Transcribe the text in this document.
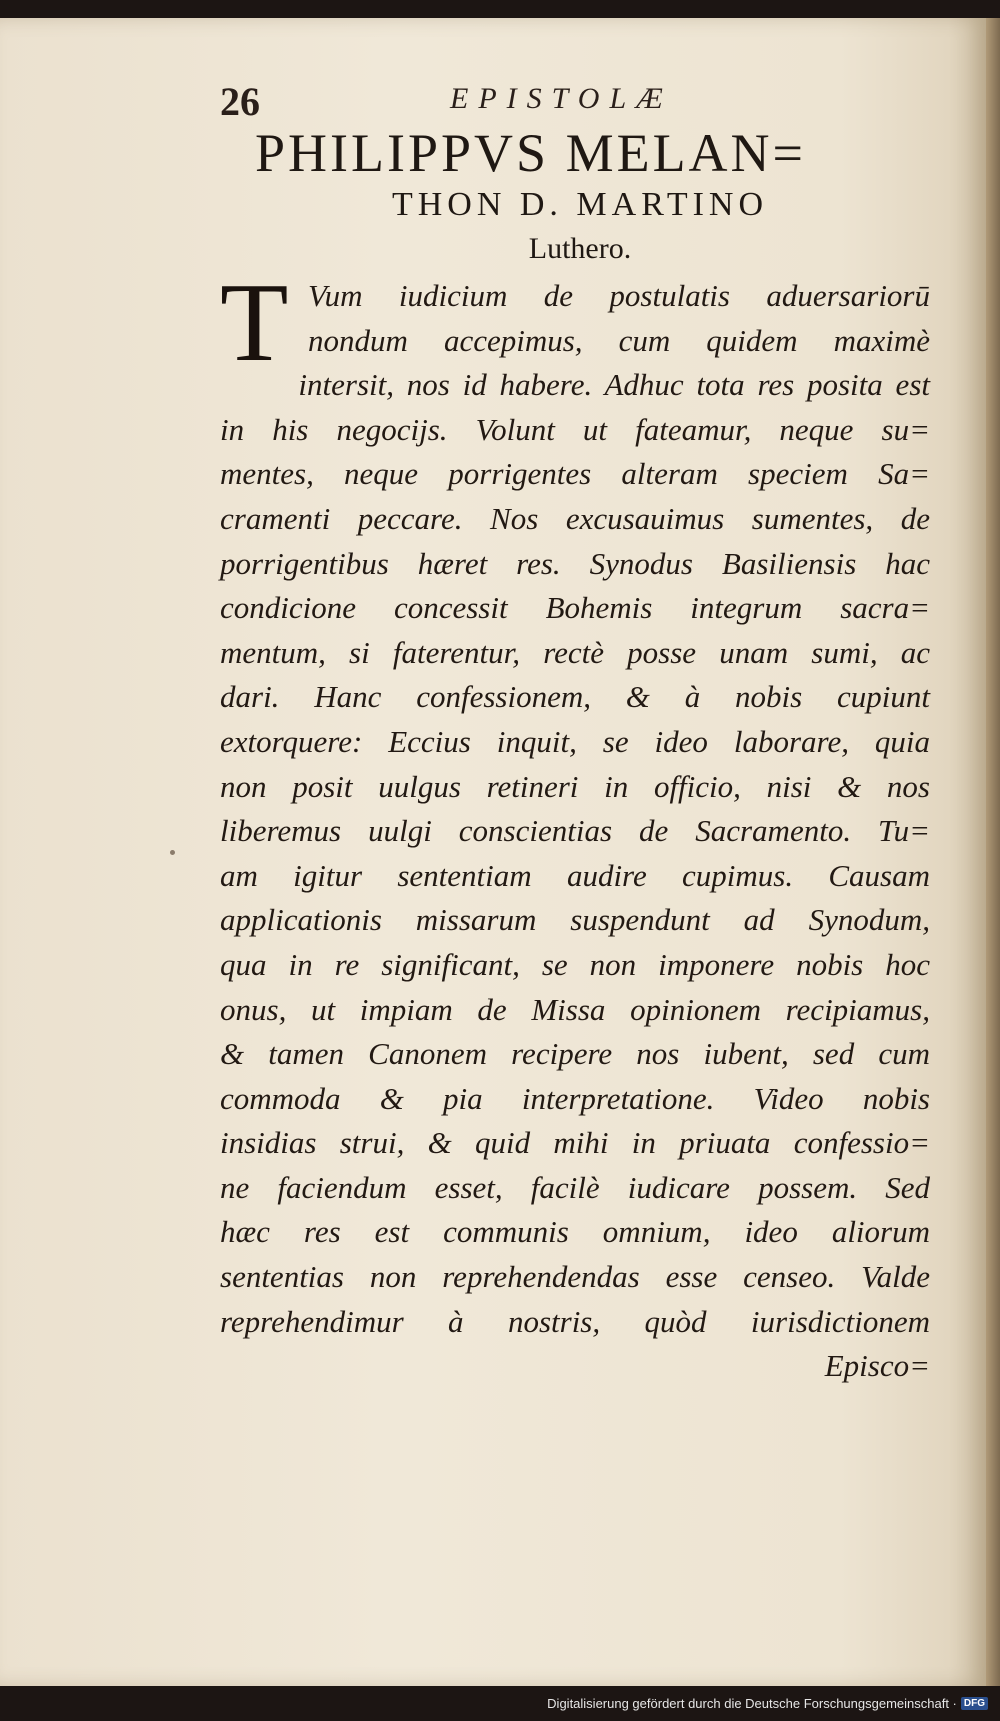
26	EPISTOLÆ
PHILIPPVS MELAN=
THON D. MARTINO
Luthero.
T Vum iudicium de postulatis aduersariorū
nondum accepimus, cum quidem maximè
intersit, nos id habere. Adhuc tota res posita est
in his negocijs. Volunt ut fateamur, neque su=
mentes, neque porrigentes alteram speciem Sa=
cramenti peccare. Nos excusauimus sumentes, de
porrigentibus hæret res. Synodus Basiliensis hac
condicione concessit Bohemis integrum sacra=
mentum, si faterentur, rectè posse unam sumi, ac
dari. Hanc confessionem, & à nobis cupiunt
extorquere: Eccius inquit, se ideo laborare, quia
non posit uulgus retineri in officio, nisi & nos
liberemus uulgi conscientias de Sacramento. Tu=
am igitur sententiam audire cupimus. Causam
applicationis missarum suspendunt ad Synodum,
qua in re significant, se non imponere nobis hoc
onus, ut impiam de Missa opinionem recipiamus,
& tamen Canonem recipere nos iubent, sed cum
commoda & pia interpretatione. Video nobis
insidias strui, & quid mihi in priuata confessio=
ne faciendum esset, facilè iudicare possem. Sed
hæc res est communis omnium, ideo aliorum
sententias non reprehendendas esse censeo. Valde
reprehendimur à nostris, quòd iurisdictionem
Episco=
Digitalisierung gefördert durch die Deutsche Forschungsgemeinschaft · DFG
